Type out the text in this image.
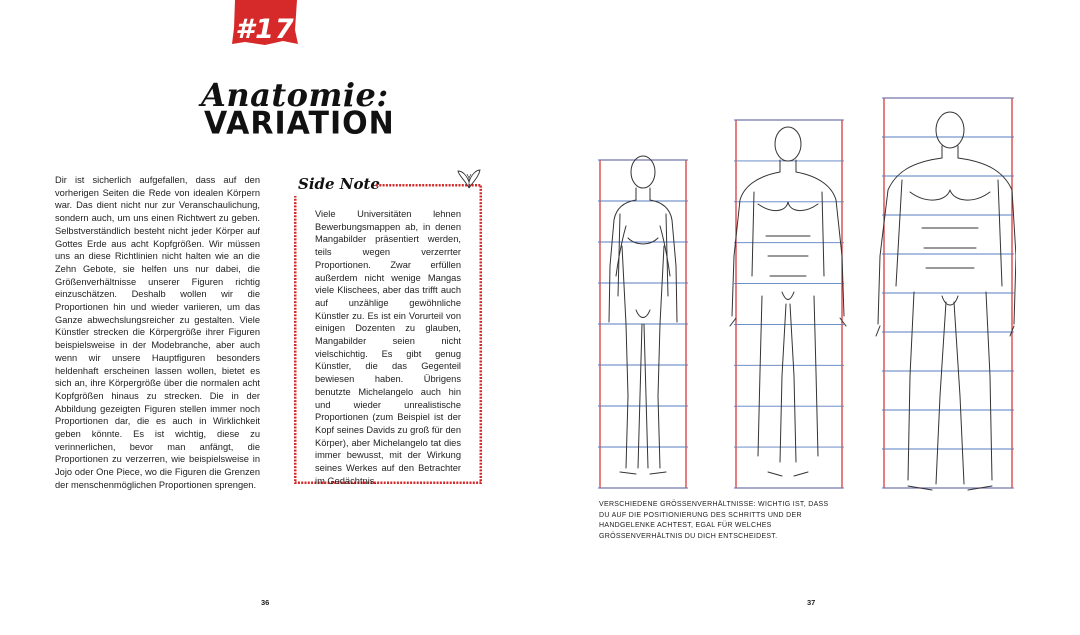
#17
Anatomie:
VARIATION

Dir ist sicherlich aufgefallen, dass auf den vorherigen Seiten die Rede von idealen Körpern war. Das dient nicht nur zur Veranschaulichung, sondern auch, um uns einen Richtwert zu geben. Selbstverständlich besteht nicht jeder Körper auf Gottes Erde aus acht Kopfgrößen. Wir müssen uns an diese Richtlinien nicht halten wie an die Zehn Gebote, sie helfen uns nur dabei, die Größenverhältnisse unserer Figuren richtig einzuschätzen. Deshalb wollen wir die Proportionen hin und wieder variieren, um das Ganze abwechslungsreicher zu gestalten. Viele Künstler strecken die Körpergröße ihrer Figuren beispielsweise in der Modebranche, aber auch wenn wir unsere Hauptfiguren besonders heldenhaft erscheinen lassen wollen, bietet es sich an, ihre Körpergröße über die normalen acht Kopfgrößen hinaus zu strecken. Die in der Abbildung gezeigten Figuren stellen immer noch Proportionen dar, die es auch in Wirklichkeit geben könnte. Es ist wichtig, diese zu verinnerlichen, bevor man anfängt, die Proportionen zu verzerren, wie beispielsweise in Jojo oder One Piece, wo die Figuren die Grenzen der menschenmöglichen Proportionen sprengen.

Side Note

Viele Universitäten lehnen Bewerbungsmappen ab, in denen Mangabilder präsentiert werden, teils wegen verzerrter Proportionen. Zwar erfüllen außerdem nicht wenige Mangas viele Klischees, aber das trifft auch auf unzählige gewöhnliche Künstler zu. Es ist ein Vorurteil von einigen Dozenten zu glauben, Mangabilder seien nicht vielschichtig. Es gibt genug Künstler, die das Gegenteil bewiesen haben. Übrigens benutzte Michelangelo auch hin und wieder unrealistische Proportionen (zum Beispiel ist der Kopf seines Davids zu groß für den Körper), aber Michelangelo tat dies immer bewusst, mit der Wirkung seines Werkes auf den Betrachter im Gedächtnis.

VERSCHIEDENE GRÖSSENVERHÄLTNISSE: WICHTIG IST, DASS DU AUF DIE POSITIONIERUNG DES SCHRITTS UND DER HANDGELENKE ACHTEST, EGAL FÜR WELCHES GRÖSSENVERHÄLTNIS DU DICH ENTSCHEIDEST.
36	37
